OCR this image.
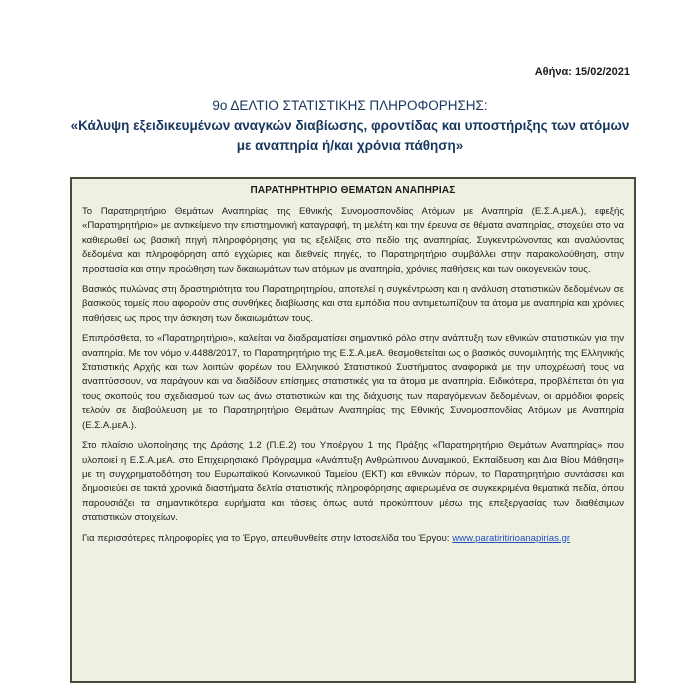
Αθήνα: 15/02/2021
9ο ΔΕΛΤΙΟ ΣΤΑΤΙΣΤΙΚΗΣ ΠΛΗΡΟΦΟΡΗΣΗΣ:
«Κάλυψη εξειδικευμένων αναγκών διαβίωσης, φροντίδας και υποστήριξης των ατόμων με αναπηρία ή/και χρόνια πάθηση»
ΠΑΡΑΤΗΡΗΤΗΡΙΟ ΘΕΜΑΤΩΝ ΑΝΑΠΗΡΙΑΣ

Το Παρατηρητήριο Θεμάτων Αναπηρίας της Εθνικής Συνομοσπονδίας Ατόμων με Αναπηρία (Ε.Σ.Α.μεΑ.), εφεξής «Παρατηρητήριο» με αντικείμενο την επιστημονική καταγραφή, τη μελέτη και την έρευνα σε θέματα αναπηρίας, στοχεύει στο να καθιερωθεί ως βασική πηγή πληροφόρησης για τις εξελίξεις στο πεδίο της αναπηρίας. Συγκεντρώνοντας και αναλύοντας δεδομένα και πληροφόρηση από εγχώριες και διεθνείς πηγές, το Παρατηρητήριο συμβάλλει στην παρακολούθηση, στην προστασία και στην προώθηση των δικαιωμάτων των ατόμων με αναπηρία, χρόνιες παθήσεις και των οικογενειών τους.

Βασικός πυλώνας στη δραστηριότητα του Παρατηρητηρίου, αποτελεί η συγκέντρωση και η ανάλυση στατιστικών δεδομένων σε βασικούς τομείς που αφορούν στις συνθήκες διαβίωσης και στα εμπόδια που αντιμετωπίζουν τα άτομα με αναπηρία και χρόνιες παθήσεις ως προς την άσκηση των δικαιωμάτων τους.

Επιπρόσθετα, το «Παρατηρητήριο», καλείται να διαδραματίσει σημαντικό ρόλο στην ανάπτυξη των εθνικών στατιστικών για την αναπηρία. Με τον νόμο ν.4488/2017, το Παρατηρητήριο της Ε.Σ.Α.μεΑ. θεσμοθετείται ως ο βασικός συνομιλητής της Ελληνικής Στατιστικής Αρχής και των λοιπών φορέων του Ελληνικού Στατιστικού Συστήματος αναφορικά με την υποχρέωσή τους να αναπτύσσουν, να παράγουν και να διαδίδουν επίσημες στατιστικές για τα άτομα με αναπηρία. Ειδικότερα, προβλέπεται ότι για τους σκοπούς του σχεδιασμού των ως άνω στατιστικών και της διάχυσης των παραγόμενων δεδομένων, οι αρμόδιοι φορείς τελούν σε διαβούλευση με το Παρατηρητήριο Θεμάτων Αναπηρίας της Εθνικής Συνομοσπονδίας Ατόμων με Αναπηρία (Ε.Σ.Α.μεΑ.).

Στο πλαίσιο υλοποίησης της Δράσης 1.2 (Π.Ε.2) του Υποέργου 1 της Πράξης «Παρατηρητήριο Θεμάτων Αναπηρίας» που υλοποιεί η Ε.Σ.Α.μεΑ. στο Επιχειρησιακό Πρόγραμμα «Ανάπτυξη Ανθρώπινου Δυναμικού, Εκπαίδευση και Δια Βίου Μάθηση» με τη συγχρηματοδότηση του Ευρωπαϊκού Κοινωνικού Ταμείου (ΕΚΤ) και εθνικών πόρων, το Παρατηρητήριο συντάσσει και δημοσιεύει σε τακτά χρονικά διαστήματα δελτία στατιστικής πληροφόρησης αφιερωμένα σε συγκεκριμένα θεματικά πεδία, όπου παρουσιάζει τα σημαντικότερα ευρήματα και τάσεις όπως αυτά προκύπτουν μέσω της επεξεργασίας των διαθέσιμων στατιστικών στοιχείων.

Για περισσότερες πληροφορίες για το Έργο, απευθυνθείτε στην Ιστοσελίδα του Έργου: www.paratiritirioanapirias.gr
